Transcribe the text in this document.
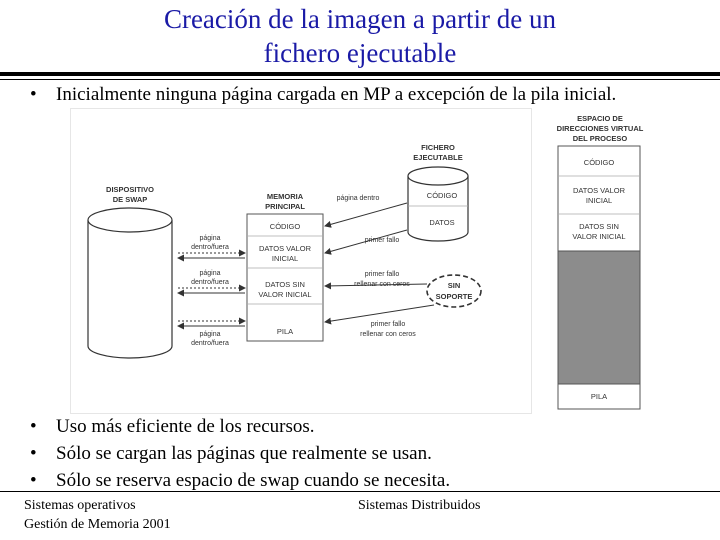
Creación de la imagen a partir de un
fichero ejecutable
• Inicialmente ninguna página cargada en MP a excepción de la pila inicial.
DISPOSITIVO
DE SWAP	MEMORIA
PRINCIPAL
CÓDIGO
DATOS VALOR
INICIAL
DATOS SIN
VALOR INICIAL
PILA
FICHERO
EJECUTABLE
CÓDIGO
DATOS
SIN
SOPORTE
página dentro
primer fallo
primer fallo
rellenar con ceros
primer fallo
rellenar con ceros
página
dentro/fuera
página
dentro/fuera
página
dentro/fuera
ESPACIO DE
DIRECCIONES VIRTUAL
DEL PROCESO
CÓDIGO
DATOS VALOR
INICIAL
DATOS SIN
VALOR INICIAL
PILA
• Uso más eficiente de los recursos.
• Sólo se cargan las páginas que realmente se usan.
• Sólo se reserva espacio de swap cuando se necesita.
Sistemas operativos
Gestión de Memoria 2001
Sistemas Distribuidos
